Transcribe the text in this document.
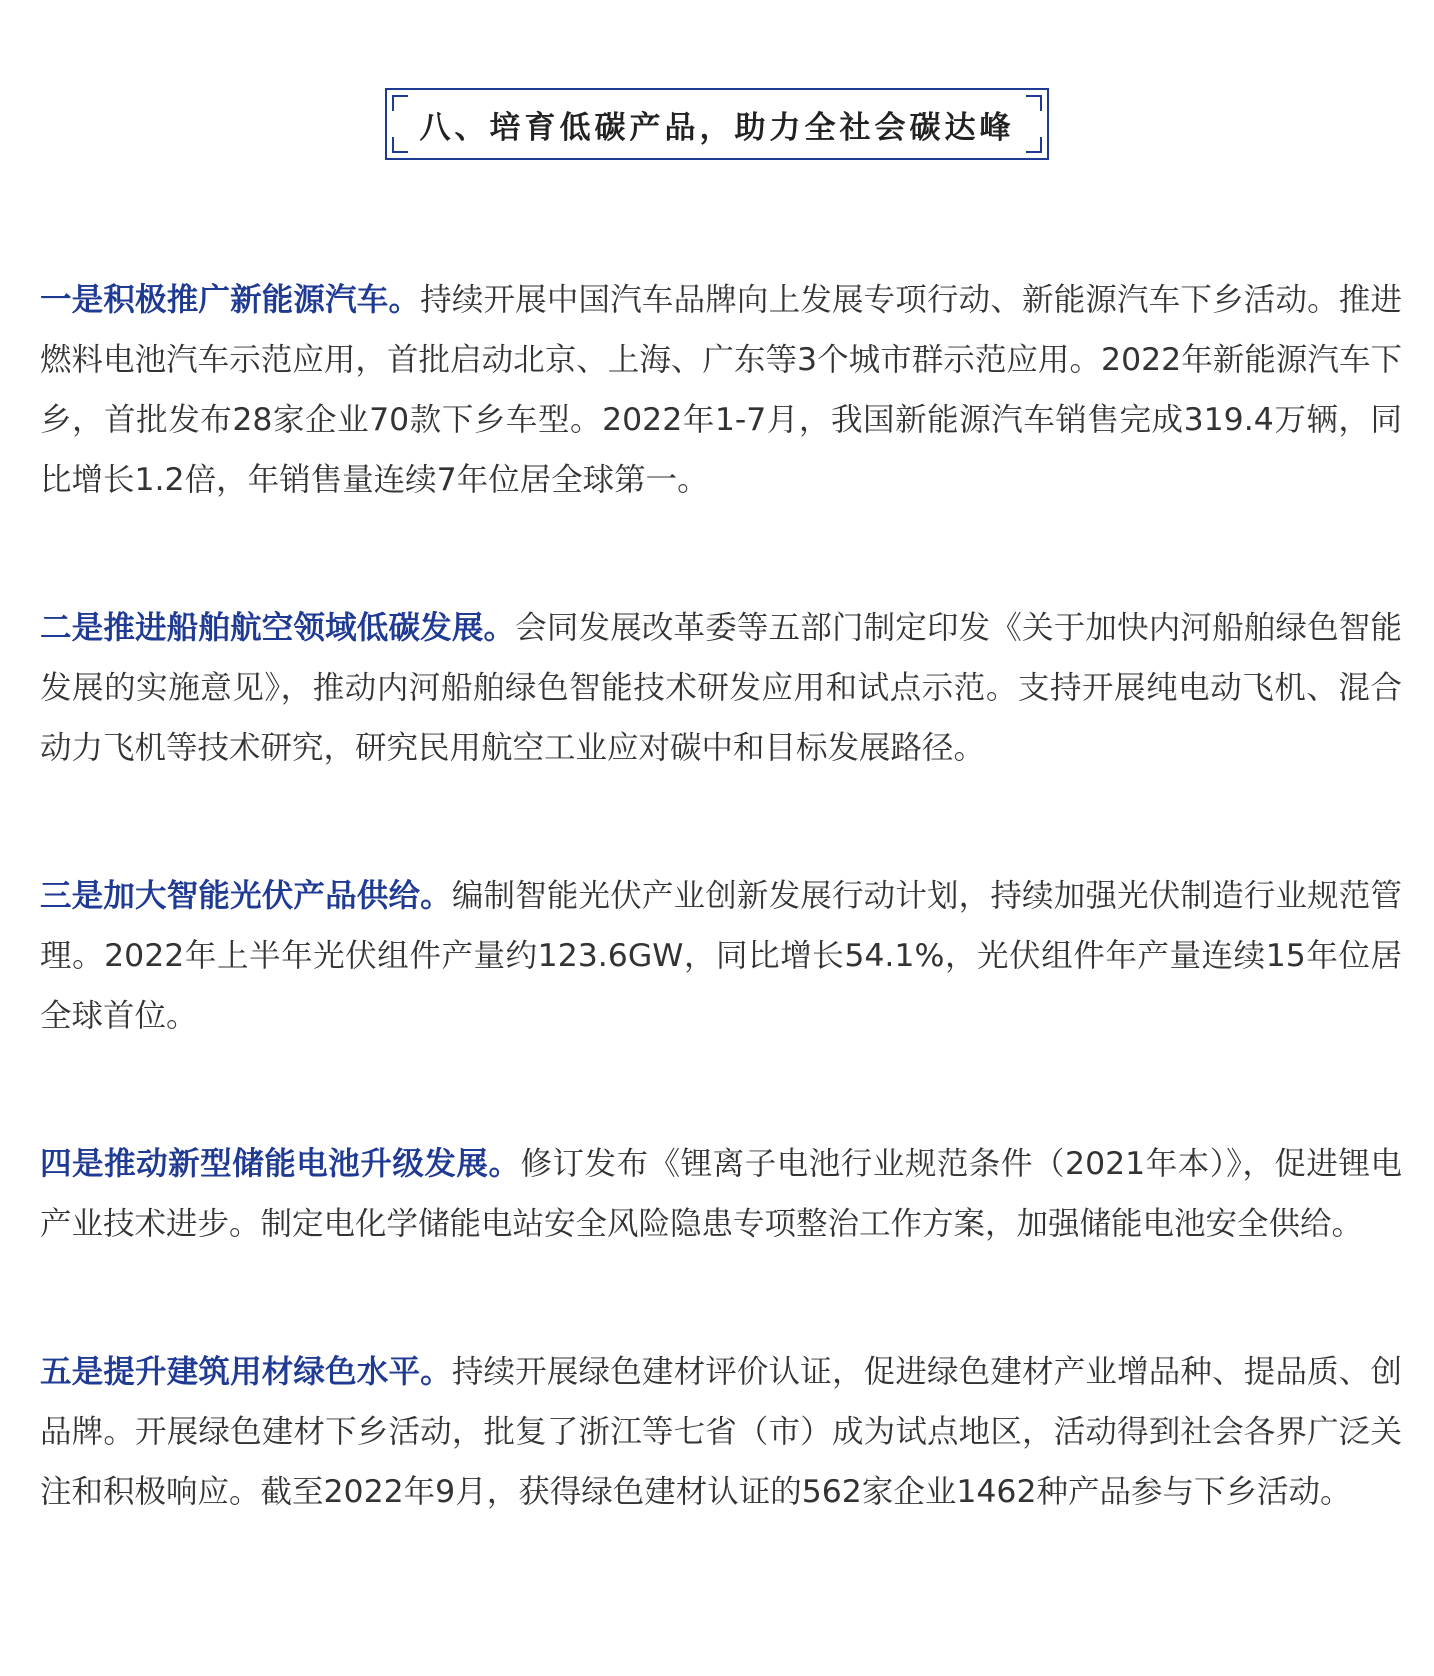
八、培育低碳产品，助力全社会碳达峰

一是积极推广新能源汽车。持续开展中国汽车品牌向上发展专项行动、新能源汽车下乡活动。推进燃料电池汽车示范应用，首批启动北京、上海、广东等3个城市群示范应用。2022年新能源汽车下乡，首批发布28家企业70款下乡车型。2022年1-7月，我国新能源汽车销售完成319.4万辆，同比增长1.2倍，年销售量连续7年位居全球第一。

二是推进船舶航空领域低碳发展。会同发展改革委等五部门制定印发《关于加快内河船舶绿色智能发展的实施意见》，推动内河船舶绿色智能技术研发应用和试点示范。支持开展纯电动飞机、混合动力飞机等技术研究，研究民用航空工业应对碳中和目标发展路径。

三是加大智能光伏产品供给。编制智能光伏产业创新发展行动计划，持续加强光伏制造行业规范管理。2022年上半年光伏组件产量约123.6GW，同比增长54.1%，光伏组件年产量连续15年位居全球首位。

四是推动新型储能电池升级发展。修订发布《锂离子电池行业规范条件（2021年本）》，促进锂电产业技术进步。制定电化学储能电站安全风险隐患专项整治工作方案，加强储能电池安全供给。

五是提升建筑用材绿色水平。持续开展绿色建材评价认证，促进绿色建材产业增品种、提品质、创品牌。开展绿色建材下乡活动，批复了浙江等七省（市）成为试点地区，活动得到社会各界广泛关注和积极响应。截至2022年9月，获得绿色建材认证的562家企业1462种产品参与下乡活动。
